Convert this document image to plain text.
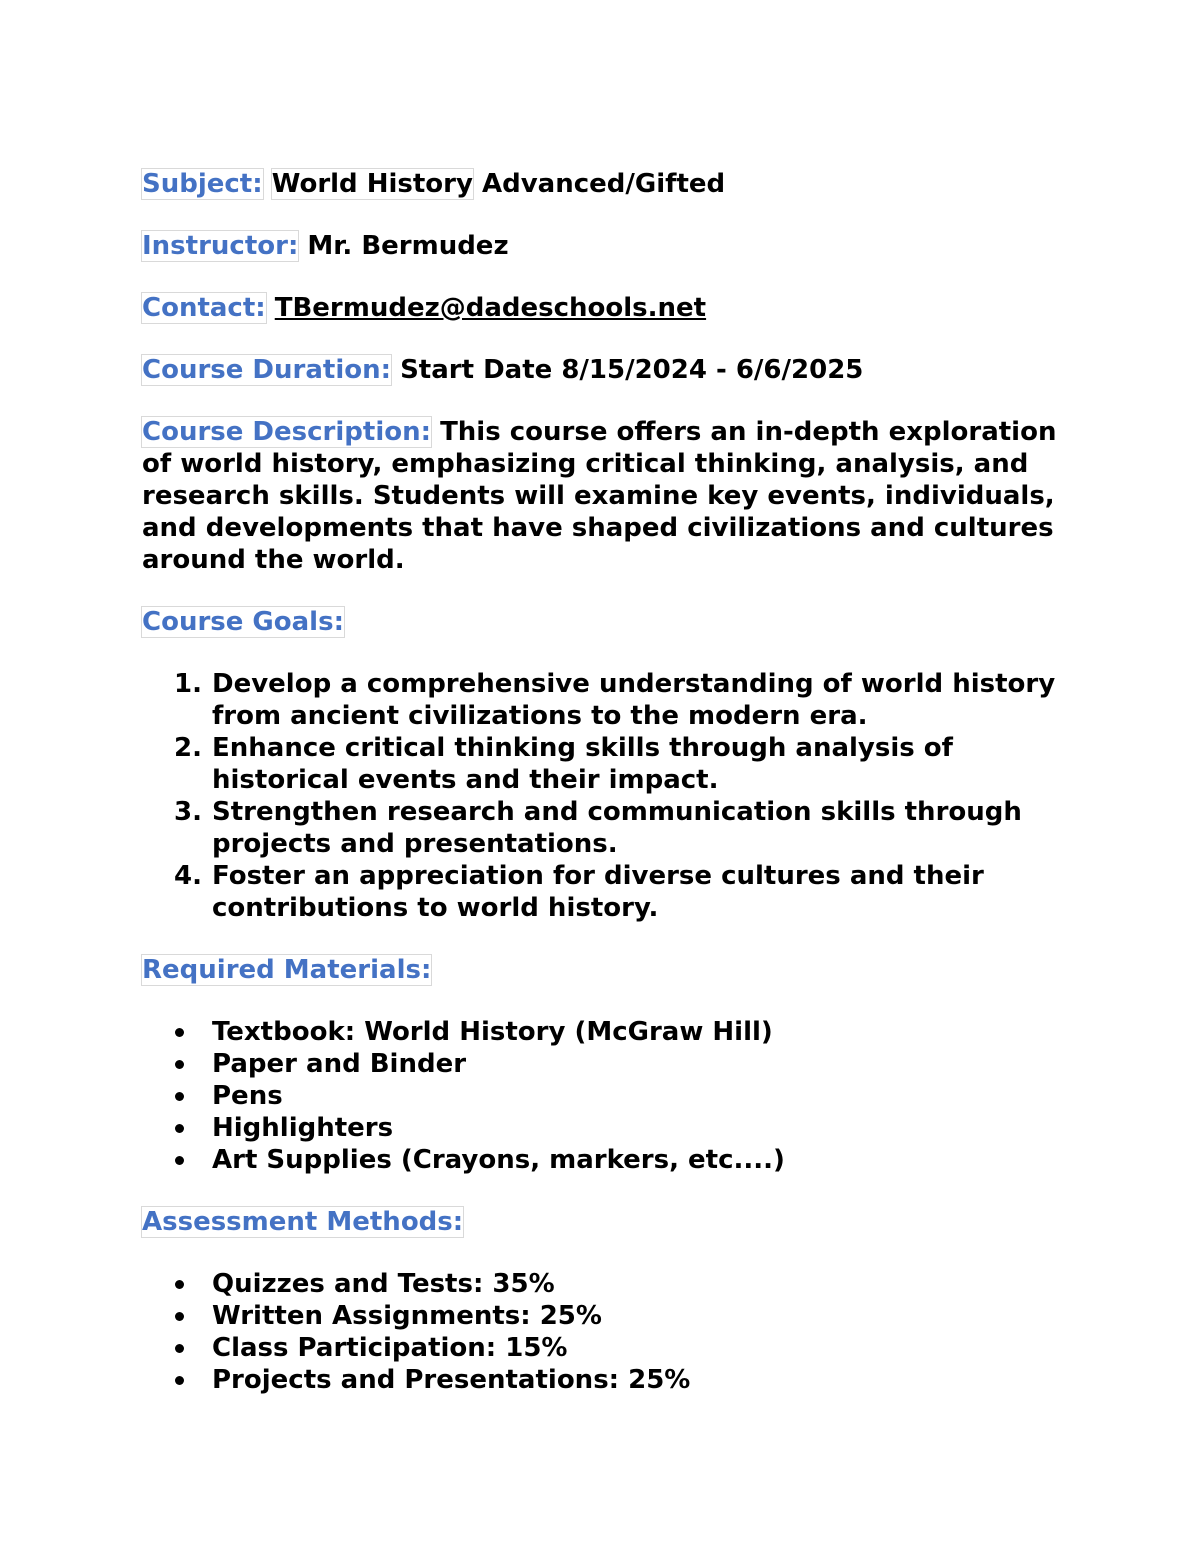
Subject: World History Advanced/Gifted
Instructor: Mr. Bermudez
Contact: TBermudez@dadeschools.net
Course Duration: Start Date 8/15/2024 - 6/6/2025
Course Description: This course offers an in-depth exploration of world history, emphasizing critical thinking, analysis, and research skills. Students will examine key events, individuals, and developments that have shaped civilizations and cultures around the world.
Course Goals:
Develop a comprehensive understanding of world history from ancient civilizations to the modern era.
Enhance critical thinking skills through analysis of historical events and their impact.
Strengthen research and communication skills through projects and presentations.
Foster an appreciation for diverse cultures and their contributions to world history.
Required Materials:
Textbook: World History (McGraw Hill)
Paper and Binder
Pens
Highlighters
Art Supplies (Crayons, markers, etc....)
Assessment Methods:
Quizzes and Tests: 35%
Written Assignments: 25%
Class Participation: 15%
Projects and Presentations: 25%
